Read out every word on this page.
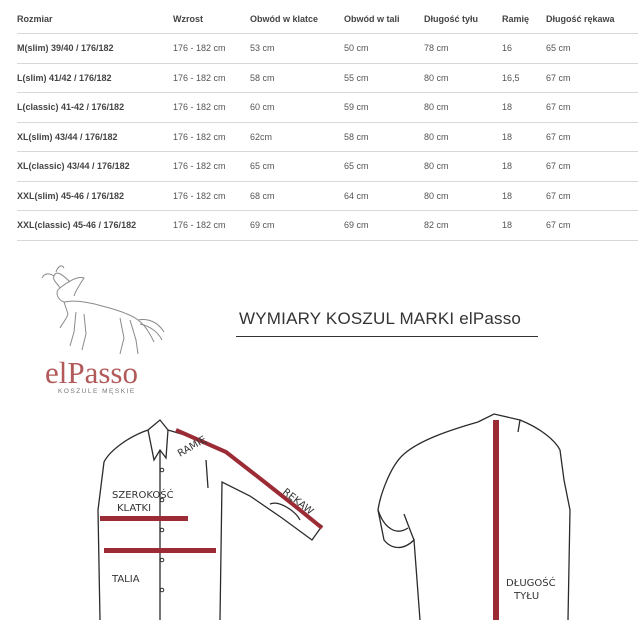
Rozmiar	Wzrost	Obwód w klatce	Obwód w tali	Długość tyłu	Ramię	Długość rękawa
M(slim) 39/40 / 176/182	176 - 182 cm	53 cm	50 cm	78 cm	16	65 cm
L(slim) 41/42 / 176/182	176 - 182 cm	58 cm	55 cm	80 cm	16,5	67 cm
L(classic) 41-42 / 176/182	176 - 182 cm	60 cm	59 cm	80 cm	18	67 cm
XL(slim) 43/44 / 176/182	176 - 182 cm	62cm	58 cm	80 cm	18	67 cm
XL(classic) 43/44 / 176/182	176 - 182 cm	65 cm	65 cm	80 cm	18	67 cm
XXL(slim) 45-46 / 176/182	176 - 182 cm	68 cm	64 cm	80 cm	18	67 cm
XXL(classic) 45-46 / 176/182	176 - 182 cm	69 cm	69 cm	82 cm	18	67 cm
elPasso
KOSZULE MĘSKIE
WYMIARY KOSZUL MARKI elPasso
RAMIĘ
RĘKAW
SZEROKOŚĆ
KLATKI
TALIA	DŁUGOŚĆ
TYŁU
